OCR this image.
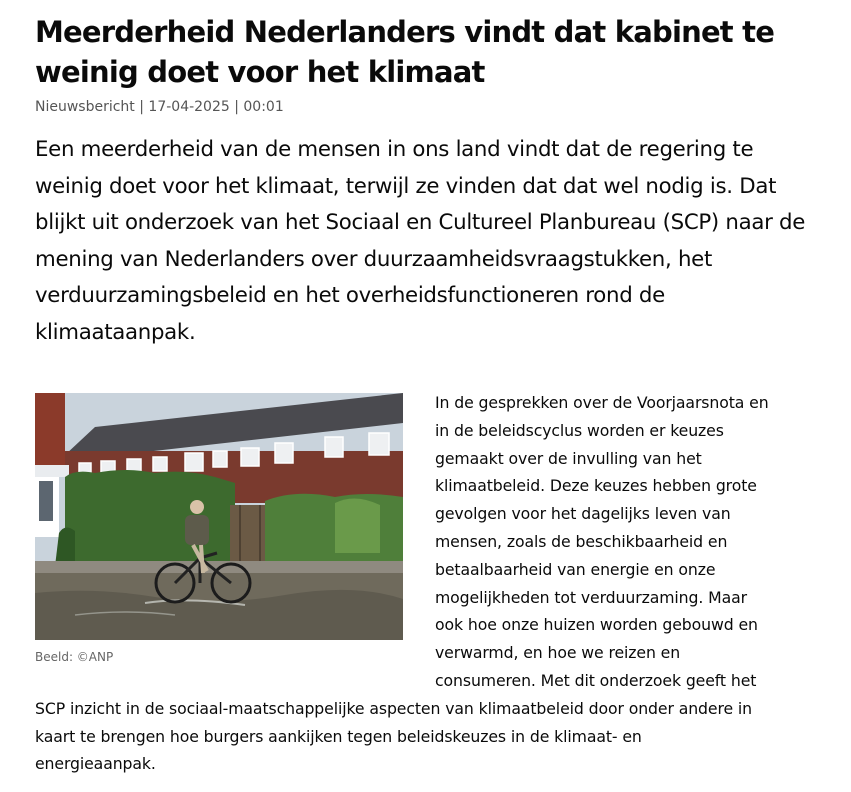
Meerderheid Nederlanders vindt dat kabinet te weinig doet voor het klimaat
Nieuwsbericht | 17-04-2025 | 00:01
Een meerderheid van de mensen in ons land vindt dat de regering te weinig doet voor het klimaat, terwijl ze vinden dat dat wel nodig is. Dat blijkt uit onderzoek van het Sociaal en Cultureel Planbureau (SCP) naar de mening van Nederlanders over duurzaamheidsvraagstukken, het verduurzamingsbeleid en het overheidsfunctioneren rond de klimaataanpak.
Beeld: ©ANP
In de gesprekken over de Voorjaarsnota en
in de beleidscyclus worden er keuzes
gemaakt over de invulling van het
klimaatbeleid. Deze keuzes hebben grote
gevolgen voor het dagelijks leven van
mensen, zoals de beschikbaarheid en
betaalbaarheid van energie en onze
mogelijkheden tot verduurzaming. Maar
ook hoe onze huizen worden gebouwd en
verwarmd, en hoe we reizen en
consumeren. Met dit onderzoek geeft het
SCP inzicht in de sociaal-maatschappelijke aspecten van klimaatbeleid door onder andere in
kaart te brengen hoe burgers aankijken tegen beleidskeuzes in de klimaat- en
energieaanpak.
